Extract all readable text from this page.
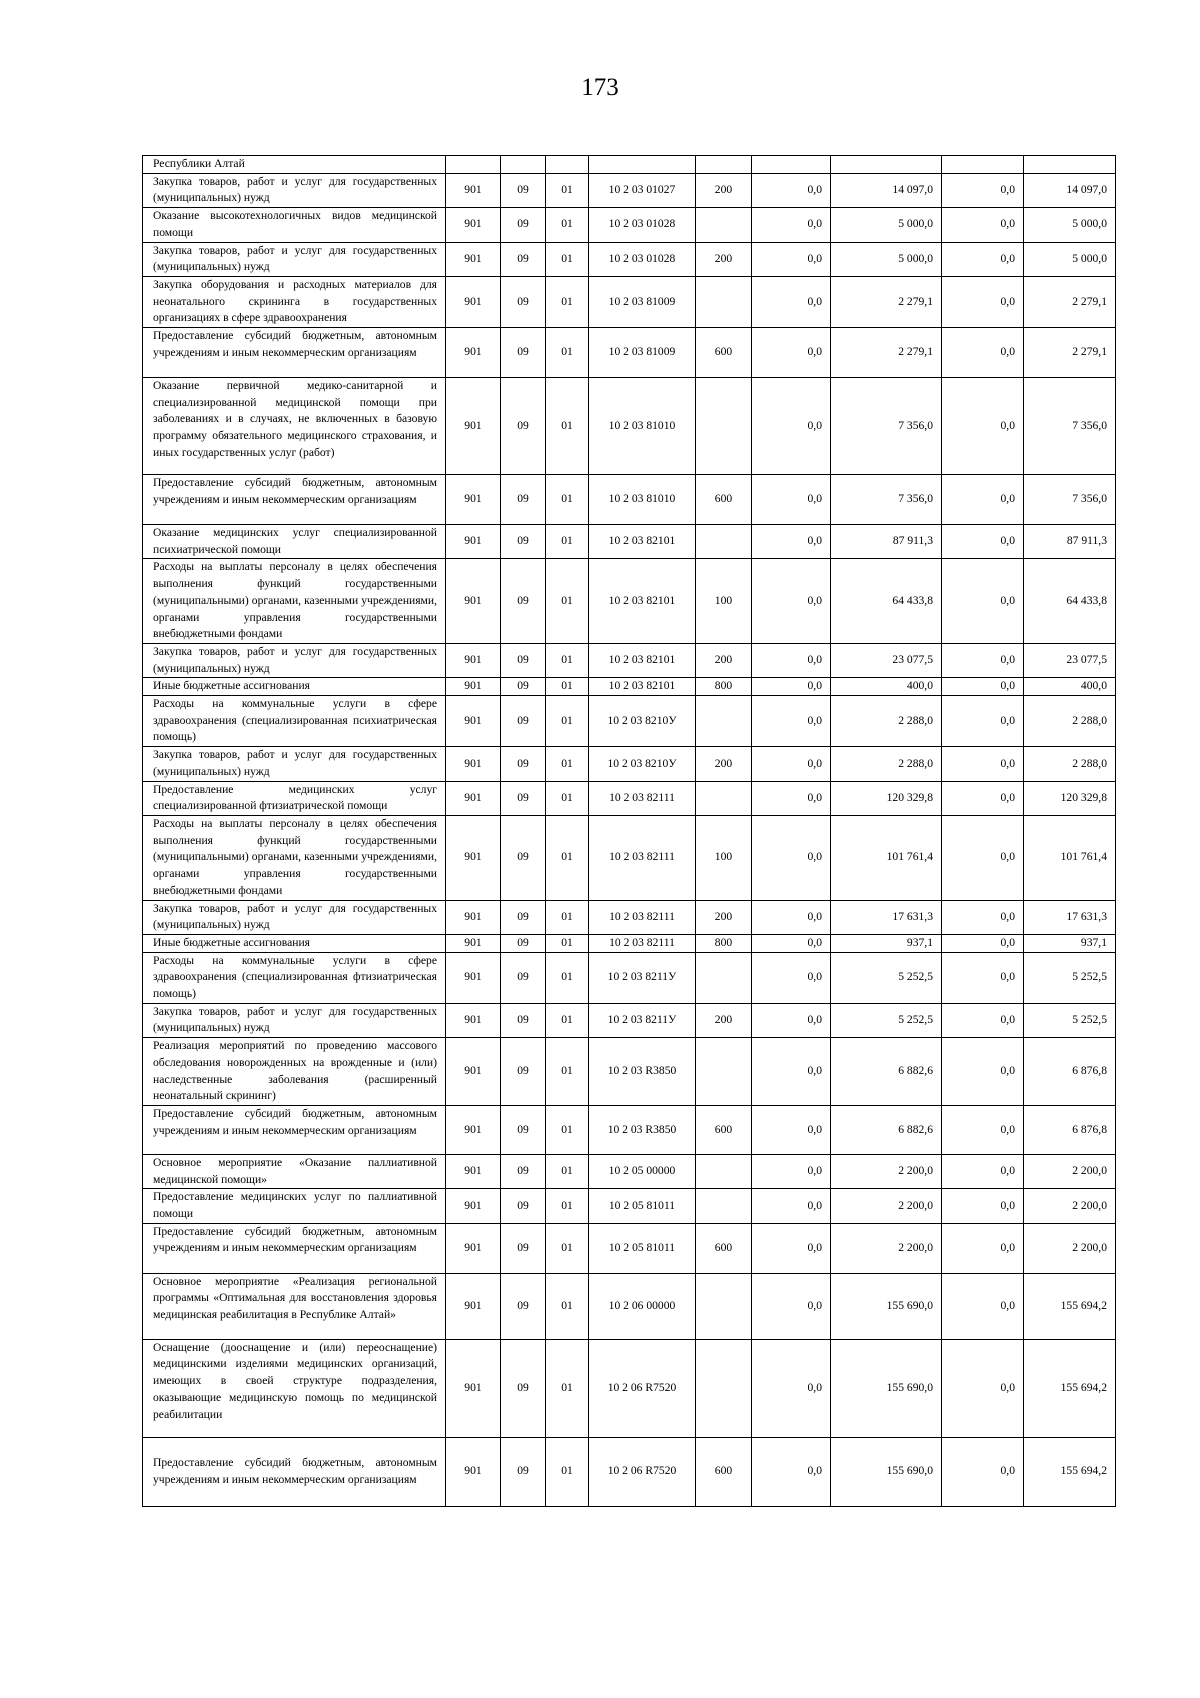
173
Республики Алтай									
Закупка товаров, работ и услуг для государственных (муниципальных) нужд	901	09	01	10 2 03 01027	200	0,0	14 097,0	0,0	14 097,0
Оказание высокотехнологичных видов медицинской помощи	901	09	01	10 2 03 01028		0,0	5 000,0	0,0	5 000,0
Закупка товаров, работ и услуг для государственных (муниципальных) нужд	901	09	01	10 2 03 01028	200	0,0	5 000,0	0,0	5 000,0
Закупка оборудования и расходных материалов для неонатального скрининга в государственных организациях в сфере здравоохранения	901	09	01	10 2 03 81009		0,0	2 279,1	0,0	2 279,1
Предоставление субсидий бюджетным, автономным учреждениям и иным некоммерческим организациям	901	09	01	10 2 03 81009	600	0,0	2 279,1	0,0	2 279,1
Оказание первичной медико-санитарной и специализированной медицинской помощи при заболеваниях и в случаях, не включенных в базовую программу обязательного медицинского страхования, и иных государственных услуг (работ)	901	09	01	10 2 03 81010		0,0	7 356,0	0,0	7 356,0
Предоставление субсидий бюджетным, автономным учреждениям и иным некоммерческим организациям	901	09	01	10 2 03 81010	600	0,0	7 356,0	0,0	7 356,0
Оказание медицинских услуг специализированной психиатрической помощи	901	09	01	10 2 03 82101		0,0	87 911,3	0,0	87 911,3
Расходы на выплаты персоналу в целях обеспечения выполнения функций государственными (муниципальными) органами, казенными учреждениями, органами управления государственными внебюджетными фондами	901	09	01	10 2 03 82101	100	0,0	64 433,8	0,0	64 433,8
Закупка товаров, работ и услуг для государственных (муниципальных) нужд	901	09	01	10 2 03 82101	200	0,0	23 077,5	0,0	23 077,5
Иные бюджетные ассигнования	901	09	01	10 2 03 82101	800	0,0	400,0	0,0	400,0
Расходы на коммунальные услуги в сфере здравоохранения (специализированная психиатрическая помощь)	901	09	01	10 2 03 8210У		0,0	2 288,0	0,0	2 288,0
Закупка товаров, работ и услуг для государственных (муниципальных) нужд	901	09	01	10 2 03 8210У	200	0,0	2 288,0	0,0	2 288,0
Предоставление медицинских услуг специализированной фтизиатрической помощи	901	09	01	10 2 03 82111		0,0	120 329,8	0,0	120 329,8
Расходы на выплаты персоналу в целях обеспечения выполнения функций государственными (муниципальными) органами, казенными учреждениями, органами управления государственными внебюджетными фондами	901	09	01	10 2 03 82111	100	0,0	101 761,4	0,0	101 761,4
Закупка товаров, работ и услуг для государственных (муниципальных) нужд	901	09	01	10 2 03 82111	200	0,0	17 631,3	0,0	17 631,3
Иные бюджетные ассигнования	901	09	01	10 2 03 82111	800	0,0	937,1	0,0	937,1
Расходы на коммунальные услуги в сфере здравоохранения (специализированная фтизиатрическая помощь)	901	09	01	10 2 03 8211У		0,0	5 252,5	0,0	5 252,5
Закупка товаров, работ и услуг для государственных (муниципальных) нужд	901	09	01	10 2 03 8211У	200	0,0	5 252,5	0,0	5 252,5
Реализация мероприятий по проведению массового обследования новорожденных на врожденные и (или) наследственные заболевания (расширенный неонатальный скрининг)	901	09	01	10 2 03 R3850		0,0	6 882,6	0,0	6 876,8
Предоставление субсидий бюджетным, автономным учреждениям и иным некоммерческим организациям	901	09	01	10 2 03 R3850	600	0,0	6 882,6	0,0	6 876,8
Основное мероприятие «Оказание паллиативной медицинской помощи»	901	09	01	10 2 05 00000		0,0	2 200,0	0,0	2 200,0
Предоставление медицинских услуг по паллиативной помощи	901	09	01	10 2 05 81011		0,0	2 200,0	0,0	2 200,0
Предоставление субсидий бюджетным, автономным учреждениям и иным некоммерческим организациям	901	09	01	10 2 05 81011	600	0,0	2 200,0	0,0	2 200,0
Основное мероприятие «Реализация региональной программы «Оптимальная для восстановления здоровья медицинская реабилитация в Республике Алтай»	901	09	01	10 2 06 00000		0,0	155 690,0	0,0	155 694,2
Оснащение (дооснащение и (или) переоснащение) медицинскими изделиями медицинских организаций, имеющих в своей структуре подразделения, оказывающие медицинскую помощь по медицинской реабилитации	901	09	01	10 2 06 R7520		0,0	155 690,0	0,0	155 694,2
Предоставление субсидий бюджетным, автономным учреждениям и иным некоммерческим организациям	901	09	01	10 2 06 R7520	600	0,0	155 690,0	0,0	155 694,2
